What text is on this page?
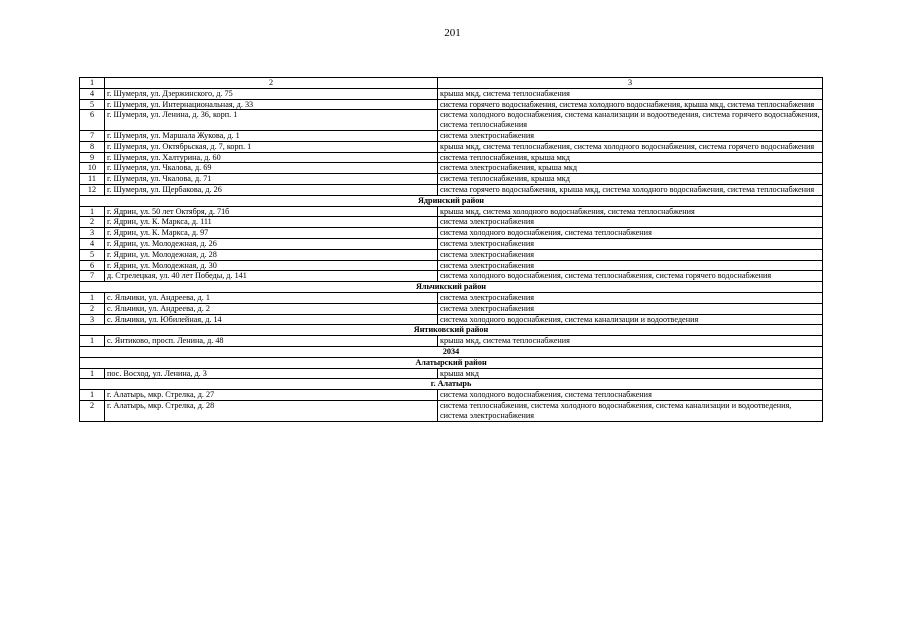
201
1	2	3
4	г. Шумерля, ул. Дзержинского, д. 75	крыша мкд, система теплоснабжения
5	г. Шумерля, ул. Интернациональная, д. 33	система горячего водоснабжения, система холодного водоснабжения, крыша мкд, система теплоснабжения
6	г. Шумерля, ул. Ленина, д. 36, корп. 1	система холодного водоснабжения, система канализации и водоотведения, система горячего водоснабжения, система теплоснабжения
7	г. Шумерля, ул. Маршала Жукова, д. 1	система электроснабжения
8	г. Шумерля, ул. Октябрьская, д. 7, корп. 1	крыша мкд, система теплоснабжения, система холодного водоснабжения, система горячего водоснабжения
9	г. Шумерля, ул. Халтурина, д. 60	система теплоснабжения, крыша мкд
10	г. Шумерля, ул. Чкалова, д. 69	система электроснабжения, крыша мкд
11	г. Шумерля, ул. Чкалова, д. 71	система теплоснабжения, крыша мкд
12	г. Шумерля, ул. Щербакова, д. 26	система горячего водоснабжения, крыша мкд, система холодного водоснабжения, система теплоснабжения
Ядринский район		
1	г. Ядрин, ул. 50 лет Октября, д. 71б	крыша мкд, система холодного водоснабжения, система теплоснабжения
2	г. Ядрин, ул. К. Маркса, д. 111	система электроснабжения
3	г. Ядрин, ул. К. Маркса, д. 97	система холодного водоснабжения, система теплоснабжения
4	г. Ядрин, ул. Молодежная, д. 26	система электроснабжения
5	г. Ядрин, ул. Молодежная, д. 28	система электроснабжения
6	г. Ядрин, ул. Молодежная, д. 30	система электроснабжения
7	д. Стрелецкая, ул. 40 лет Победы, д. 141	система холодного водоснабжения, система теплоснабжения, система горячего водоснабжения
Яльчикский район		
1	с. Яльчики, ул. Андреева, д. 1	система электроснабжения
2	с. Яльчики, ул. Андреева, д. 2	система электроснабжения
3	с. Яльчики, ул. Юбилейная, д. 14	система холодного водоснабжения, система канализации и водоотведения
Янтиковский район		
1	с. Янтиково, просп. Ленина, д. 48	крыша мкд, система теплоснабжения
2034		
Алатырский район		
1	пос. Восход, ул. Ленина, д. 3	крыша мкд
г. Алатырь		
1	г. Алатырь, мкр. Стрелка, д. 27	система холодного водоснабжения, система теплоснабжения
2	г. Алатырь, мкр. Стрелка, д. 28	система теплоснабжения, система холодного водоснабжения, система канализации и водоотведения, система электроснабжения
